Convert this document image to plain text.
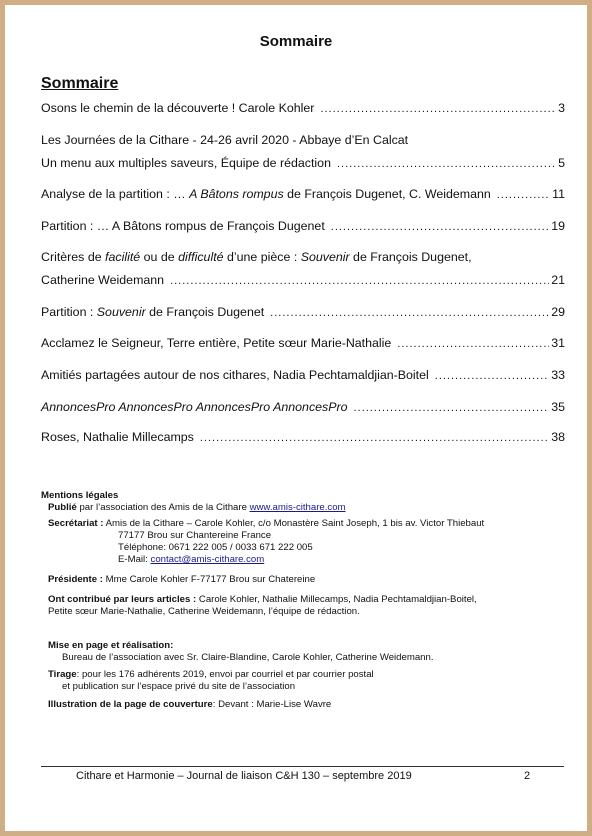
Sommaire
Sommaire
Osons le chemin de la découverte ! Carole Kohler .....	3
Les Journées de la Cithare - 24-26 avril 2020 - Abbaye d’En Calcat
Un menu aux multiples saveurs, Équipe de rédaction .....	5
Analyse de la partition : … A Bâtons rompus de François Dugenet, C. Weidemann .....	11
Partition : … A Bâtons rompus de François Dugenet .....	19
Critères de facilité ou de difficulté d’une pièce : Souvenir de François Dugenet,
Catherine Weidemann .....	21
Partition : Souvenir de François Dugenet .....	29
Acclamez le Seigneur, Terre entière, Petite sœur Marie-Nathalie .....	31
Amitiés partagées autour de nos cithares, Nadia Pechtamaldjian-Boitel .....	33
AnnoncesPro AnnoncesPro AnnoncesPro AnnoncesPro .....	35
Roses, Nathalie Millecamps .....	38
Mentions légales
Publié par l’association des Amis de la Cithare www.amis-cithare.com
Secrétariat : Amis de la Cithare – Carole Kohler, c/o Monastère Saint Joseph, 1 bis av. Victor Thiebaut
77177 Brou sur Chantereine France
Téléphone: 0671 222 005 / 0033 671 222 005
E-Mail: contact@amis-cithare.com
Présidente : Mme Carole Kohler F-77177 Brou sur Chatereine
Ont contribué par leurs articles : Carole Kohler, Nathalie Millecamps, Nadia Pechtamaldjian-Boitel,
Petite sœur Marie-Nathalie, Catherine Weidemann, l’équipe de rédaction.
Mise en page et réalisation:
Bureau de l’association avec Sr. Claire-Blandine, Carole Kohler, Catherine Weidemann.
Tirage: pour les 176 adhérents 2019, envoi par courriel et par courrier postal
et publication sur l’espace privé du site de l’association
Illustration de la page de couverture: Devant : Marie-Lise Wavre
Cithare et Harmonie – Journal de liaison C&H 130 – septembre 2019	2
